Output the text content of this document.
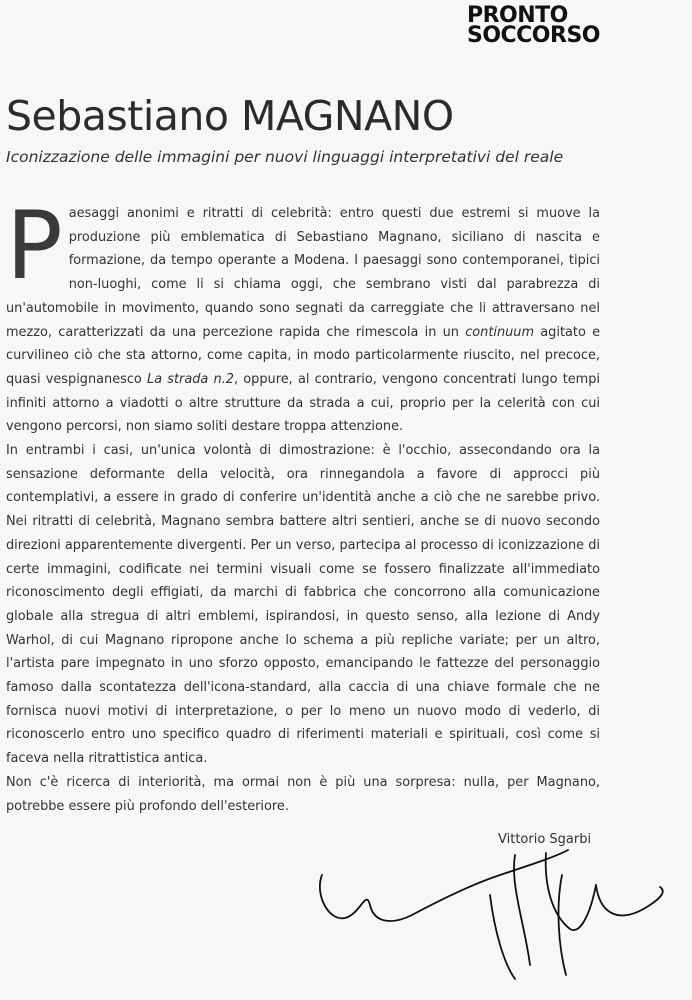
PRONTO
SOCCORSO
Sebastiano MAGNANO
Iconizzazione delle immagini per nuovi linguaggi interpretativi del reale

Paesaggi anonimi e ritratti di celebrità: entro questi due estremi si muove la produzione più emblematica di Sebastiano Magnano, siciliano di nascita e formazione, da tempo operante a Modena. I paesaggi sono contemporanei, tipici non-luoghi, come li si chiama oggi, che sembrano visti dal parabrezza di un'automobile in movimento, quando sono segnati da carreggiate che li attraversano nel mezzo, caratterizzati da una percezione rapida che rimescola in un continuum agitato e curvilineo ciò che sta attorno, come capita, in modo particolarmente riuscito, nel precoce, quasi vespignanesco La strada n.2, oppure, al contrario, vengono concentrati lungo tempi infiniti attorno a viadotti o altre strutture da strada a cui, proprio per la celerità con cui vengono percorsi, non siamo soliti destare troppa attenzione.

In entrambi i casi, un'unica volontà di dimostrazione: è l'occhio, assecondando ora la sensazione deformante della velocità, ora rinnegandola a favore di approcci più contemplativi, a essere in grado di conferire un'identità anche a ciò che ne sarebbe privo. Nei ritratti di celebrità, Magnano sembra battere altri sentieri, anche se di nuovo secondo direzioni apparentemente divergenti. Per un verso, partecipa al processo di iconizzazione di certe immagini, codificate nei termini visuali come se fossero finalizzate all'immediato riconoscimento degli effigiati, da marchi di fabbrica che concorrono alla comunicazione globale alla stregua di altri emblemi, ispirandosi, in questo senso, alla lezione di Andy Warhol, di cui Magnano ripropone anche lo schema a più repliche variate; per un altro, l'artista pare impegnato in uno sforzo opposto, emancipando le fattezze del personaggio famoso dalla scontatezza dell'icona-standard, alla caccia di una chiave formale che ne fornisca nuovi motivi di interpretazione, o per lo meno un nuovo modo di vederlo, di riconoscerlo entro uno specifico quadro di riferimenti materiali e spirituali, così come si faceva nella ritrattistica antica.

Non c'è ricerca di interiorità, ma ormai non è più una sorpresa: nulla, per Magnano, potrebbe essere più profondo dell'esteriore.

Vittorio Sgarbi
